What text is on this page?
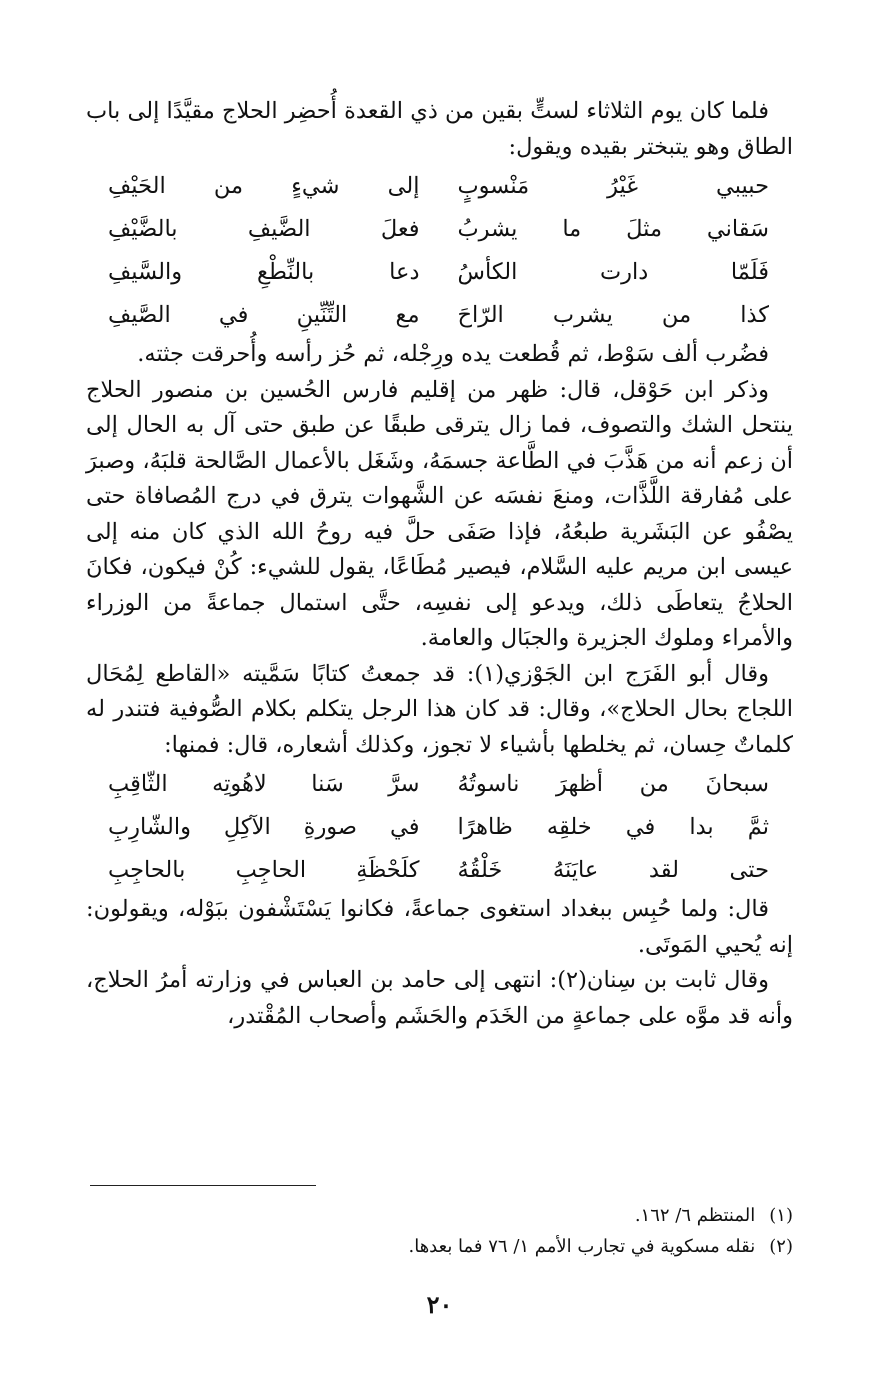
فلما كان يوم الثلاثاء لستٍّ بقين من ذي القعدة أُحضِر الحلاج مقيَّدًا إلى باب الطاق وهو يتبختر بقيده ويقول:

حبيبي غَيْرُ مَنْسوبٍ
إلى شيءٍ من الحَيْفِ
سَقاني مثلَ ما يشربُ
فعلَ الضَّيفِ بالضَّيْفِ
فَلَمّا دارت الكأسُ
دعا بالنِّطْعِ والسَّيفِ
كذا من يشرب الرّاحَ
مع التِّنِّينِ في الصَّيفِ

فضُرب ألف سَوْط، ثم قُطعت يده ورِجْله، ثم حُز رأسه وأُحرقت جثته.

وذكر ابن حَوْقل، قال: ظهر من إقليم فارس الحُسين بن منصور الحلاج ينتحل الشك والتصوف، فما زال يترقى طبقًا عن طبق حتى آل به الحال إلى أن زعم أنه من هَذَّبَ في الطَّاعة جسمَهُ، وشَغَل بالأعمال الصَّالحة قلبَهُ، وصبرَ على مُفارقة اللَّذَّات، ومنعَ نفسَه عن الشَّهوات يترق في درج المُصافاة حتى يصْفُو عن البَشَرية طبعُهُ، فإذا صَفَى حلَّ فيه روحُ الله الذي كان منه إلى عيسى ابن مريم عليه السَّلام، فيصير مُطَاعًا، يقول للشيء: كُنْ فيكون، فكانَ الحلاجُ يتعاطَى ذلك، ويدعو إلى نفسِه، حتَّى استمال جماعةً من الوزراء والأمراء وملوك الجزيرة والجبَال والعامة.

وقال أبو الفَرَج ابن الجَوْزي(١): قد جمعتُ كتابًا سَمَّيته «القاطع لِمُحَال اللجاج بحال الحلاج»، وقال: قد كان هذا الرجل يتكلم بكلام الصُّوفية فتندر له كلماتٌ حِسان، ثم يخلطها بأشياء لا تجوز، وكذلك أشعاره، قال: فمنها:

سبحانَ من أظهرَ ناسوتُهُ
سرَّ سَنا لاهُوتِه الثّاقِبِ
ثمَّ بدا في خلقِه ظاهرًا
في صورةِ الآكِلِ والشّارِبِ
حتى لقد عايَنَهُ خَلْقُهُ
كلَحْظَةِ الحاجِبِ بالحاجِبِ

قال: ولما حُبِس ببغداد استغوى جماعةً، فكانوا يَسْتَشْفون ببَوْله، ويقولون: إنه يُحيي المَوتَى.

وقال ثابت بن سِنان(٢): انتهى إلى حامد بن العباس في وزارته أمرُ الحلاج، وأنه قد موَّه على جماعةٍ من الخَدَم والحَشَم وأصحاب المُقْتدر،

(١)
المنتظم ٦/ ١٦٢.
(٢)
نقله مسكوية في تجارب الأمم ١/ ٧٦ فما بعدها.
٢٠
